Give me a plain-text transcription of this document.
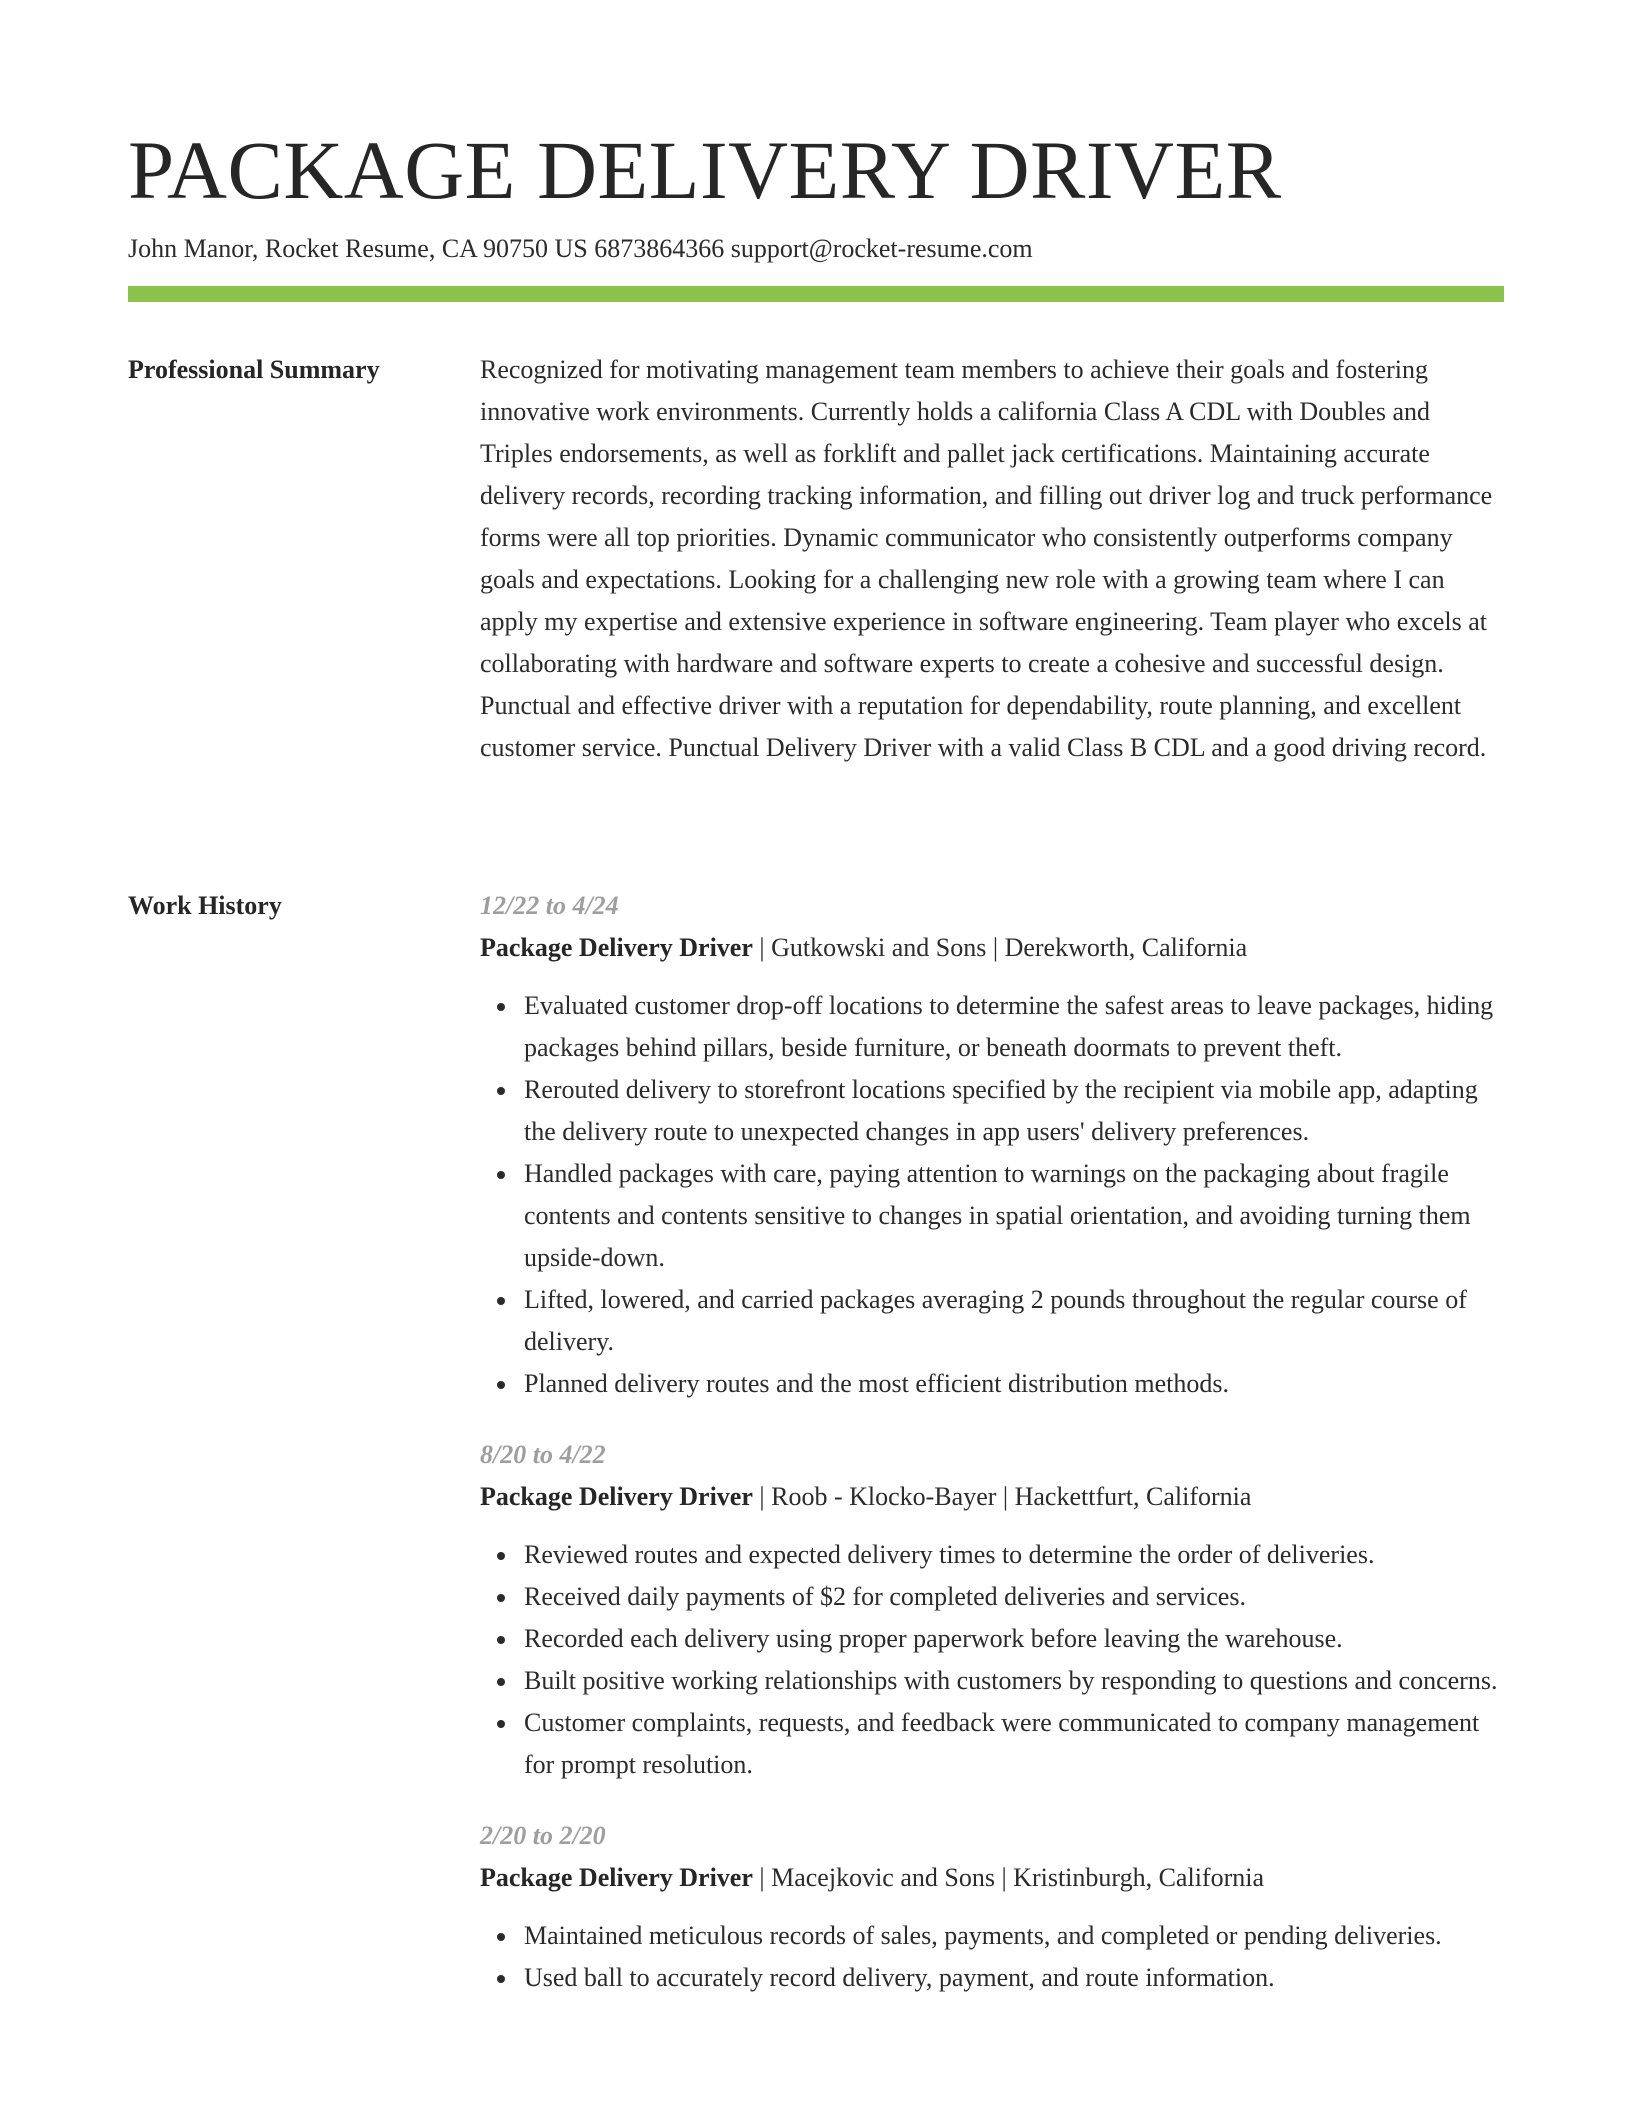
PACKAGE DELIVERY DRIVER
John Manor, Rocket Resume, CA 90750 US 6873864366 support@rocket-resume.com
Professional Summary	Recognized for motivating management team members to achieve their goals and fostering innovative work environments. Currently holds a california Class A CDL with Doubles and Triples endorsements, as well as forklift and pallet jack certifications. Maintaining accurate delivery records, recording tracking information, and filling out driver log and truck performance forms were all top priorities. Dynamic communicator who consistently outperforms company goals and expectations. Looking for a challenging new role with a growing team where I can apply my expertise and extensive experience in software engineering. Team player who excels at collaborating with hardware and software experts to create a cohesive and successful design. Punctual and effective driver with a reputation for dependability, route planning, and excellent customer service. Punctual Delivery Driver with a valid Class B CDL and a good driving record.

Work History	12/22 to 4/24
Package Delivery Driver | Gutkowski and Sons | Derekworth, California
Evaluated customer drop-off locations to determine the safest areas to leave packages, hiding packages behind pillars, beside furniture, or beneath doormats to prevent theft.
Rerouted delivery to storefront locations specified by the recipient via mobile app, adapting the delivery route to unexpected changes in app users' delivery preferences.
Handled packages with care, paying attention to warnings on the packaging about fragile contents and contents sensitive to changes in spatial orientation, and avoiding turning them upside-down.
Lifted, lowered, and carried packages averaging 2 pounds throughout the regular course of delivery.
Planned delivery routes and the most efficient distribution methods.
8/20 to 4/22
Package Delivery Driver | Roob - Klocko-Bayer | Hackettfurt, California
Reviewed routes and expected delivery times to determine the order of deliveries.
Received daily payments of $2 for completed deliveries and services.
Recorded each delivery using proper paperwork before leaving the warehouse.
Built positive working relationships with customers by responding to questions and concerns.
Customer complaints, requests, and feedback were communicated to company management for prompt resolution.
2/20 to 2/20
Package Delivery Driver | Macejkovic and Sons | Kristinburgh, California
Maintained meticulous records of sales, payments, and completed or pending deliveries.
Used ball to accurately record delivery, payment, and route information.
